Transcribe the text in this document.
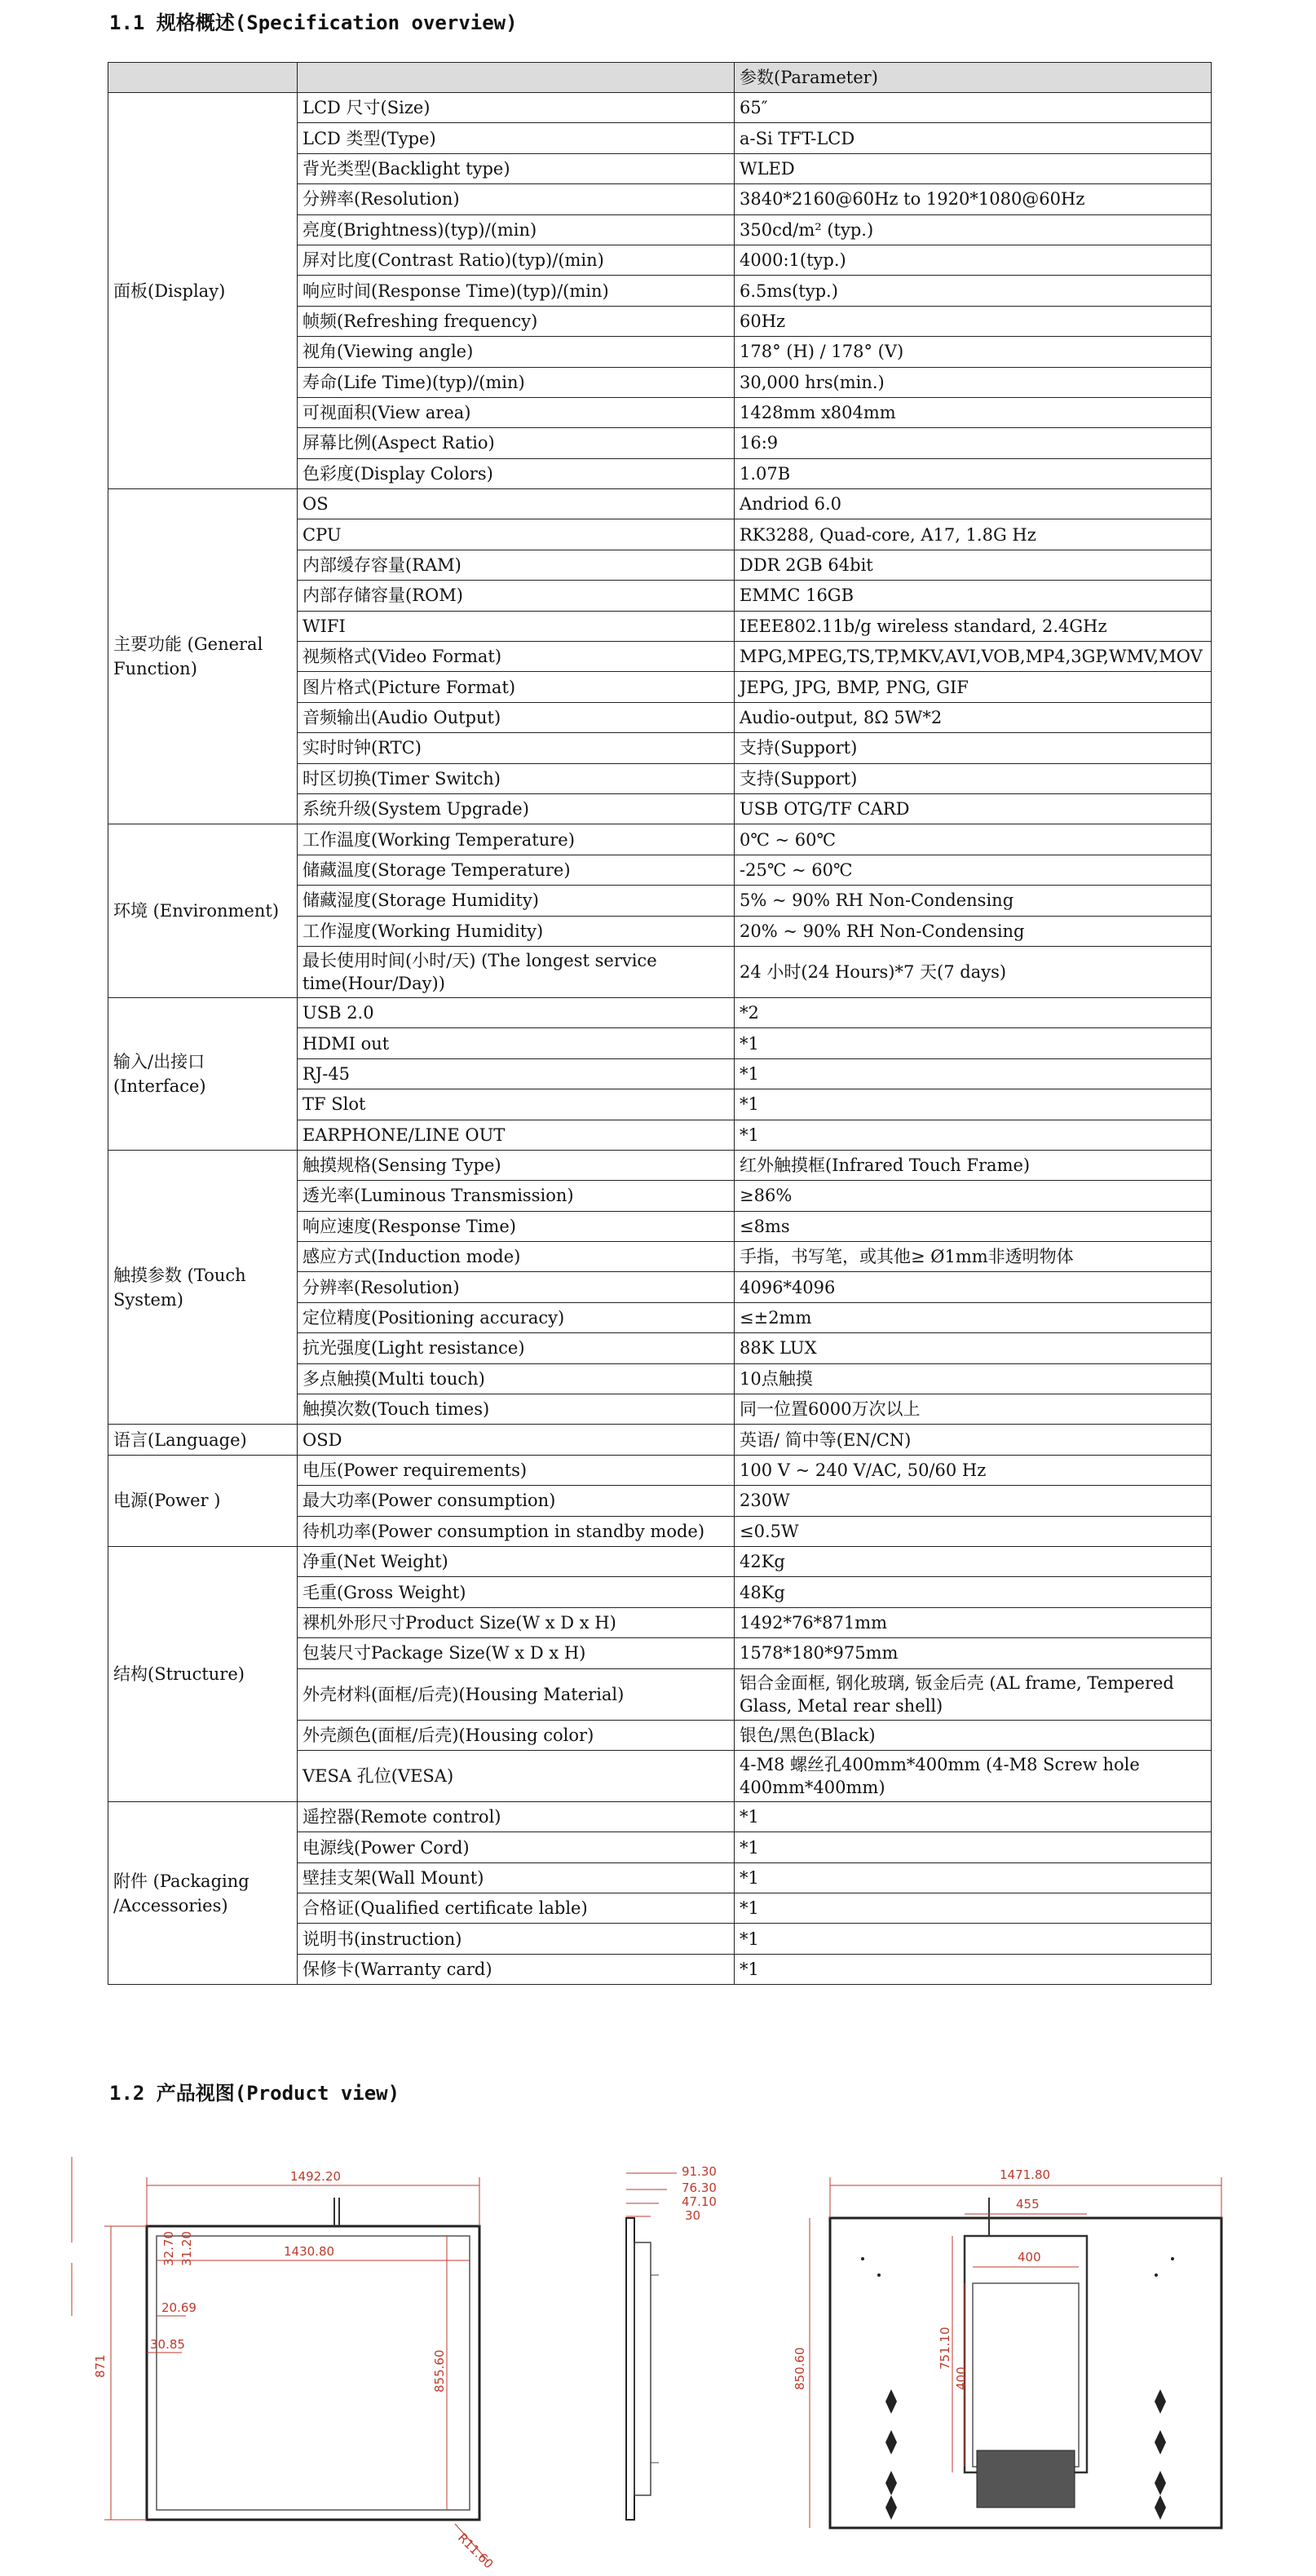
1.1 规格概述(Specification overview)
		参数(Parameter)
面板(Display)	LCD 尺寸(Size)	65″
	LCD 类型(Type)	a-Si TFT-LCD
	背光类型(Backlight type)	WLED
	分辨率(Resolution)	3840*2160@60Hz to 1920*1080@60Hz
	亮度(Brightness)(typ)/(min)	350cd/m² (typ.)
	屏对比度(Contrast Ratio)(typ)/(min)	4000:1(typ.)
	响应时间(Response Time)(typ)/(min)	6.5ms(typ.)
	帧频(Refreshing frequency)	60Hz
	视角(Viewing angle)	178° (H) / 178° (V)
	寿命(Life Time)(typ)/(min)	30,000 hrs(min.)
	可视面积(View area)	1428mm x804mm
	屏幕比例(Aspect Ratio)	16:9
	色彩度(Display Colors)	1.07B
主要功能 (General Function)	OS	Andriod 6.0
	CPU	RK3288, Quad-core, A17, 1.8G Hz
	内部缓存容量(RAM)	DDR 2GB 64bit
	内部存储容量(ROM)	EMMC 16GB
	WIFI	IEEE802.11b/g wireless standard, 2.4GHz
	视频格式(Video Format)	MPG,MPEG,TS,TP,MKV,AVI,VOB,MP4,3GP,WMV,MOV
	图片格式(Picture Format)	JEPG, JPG, BMP, PNG, GIF
	音频输出(Audio Output)	Audio-output, 8Ω 5W*2
	实时时钟(RTC)	支持(Support)
	时区切换(Timer Switch)	支持(Support)
	系统升级(System Upgrade)	USB OTG/TF CARD
环境 (Environment)	工作温度(Working Temperature)	0℃ ~ 60℃
	储藏温度(Storage Temperature)	-25℃ ~ 60℃
	储藏湿度(Storage Humidity)	5% ~ 90% RH Non-Condensing
	工作湿度(Working Humidity)	20% ~ 90% RH Non-Condensing
	最长使用时间(小时/天) (The longest service time(Hour/Day))	24 小时(24 Hours)*7 天(7 days)
输入/出接口 (Interface)	USB 2.0	*2
	HDMI out	*1
	RJ-45	*1
	TF Slot	*1
	EARPHONE/LINE OUT	*1
触摸参数 (Touch System)	触摸规格(Sensing Type)	红外触摸框(Infrared Touch Frame)
	透光率(Luminous Transmission)	≥86%
	响应速度(Response Time)	≤8ms
	感应方式(Induction mode)	手指，书写笔，或其他≥ Ø1mm非透明物体
	分辨率(Resolution)	4096*4096
	定位精度(Positioning accuracy)	≤±2mm
	抗光强度(Light resistance)	88K LUX
	多点触摸(Multi touch)	10点触摸
	触摸次数(Touch times)	同一位置6000万次以上
语言(Language)	OSD	英语/ 简中等(EN/CN)
电源(Power )	电压(Power requirements)	100 V ~ 240 V/AC, 50/60 Hz
	最大功率(Power consumption)	230W
	待机功率(Power consumption in standby mode)	≤0.5W
结构(Structure)	净重(Net Weight)	42Kg
	毛重(Gross Weight)	48Kg
	裸机外形尺寸Product Size(W x D x H)	1492*76*871mm
	包装尺寸Package Size(W x D x H)	1578*180*975mm
	外壳材料(面框/后壳)(Housing Material)	铝合金面框, 钢化玻璃, 钣金后壳 (AL frame, Tempered Glass, Metal rear shell)
	外壳颜色(面框/后壳)(Housing color)	银色/黑色(Black)
	VESA 孔位(VESA)	4-M8 螺丝孔400mm*400mm (4-M8 Screw hole 400mm*400mm)
附件 (Packaging /Accessories)	遥控器(Remote control)	*1
	电源线(Power Cord)	*1
	壁挂支架(Wall Mount)	*1
	合格证(Qualified certificate lable)	*1
	说明书(instruction)	*1
	保修卡(Warranty card)	*1
1.2 产品视图(Product view)
1492.20
1430.80
871	855.60
32.70 31.20
20.69
30.85
R11.60
91.30
76.30
47.10
30
1471.80
455
400
400
751.10
850.60
